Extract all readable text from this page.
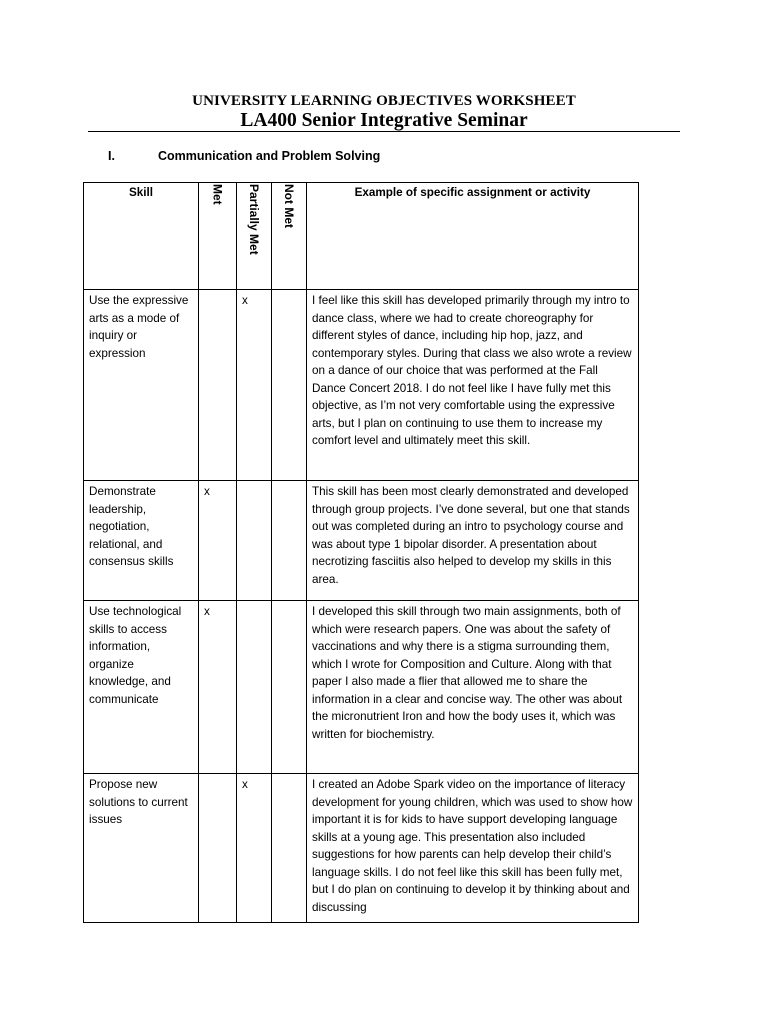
UNIVERSITY LEARNING OBJECTIVES WORKSHEET
LA400 Senior Integrative Seminar
I.	Communication and Problem Solving
Skill	Met	Partially Met	Not Met	Example of specific assignment or activity
Use the expressive arts as a mode of inquiry or expression		x		I feel like this skill has developed primarily through my intro to dance class, where we had to create choreography for different styles of dance, including hip hop, jazz, and contemporary styles. During that class we also wrote a review on a dance of our choice that was performed at the Fall Dance Concert 2018. I do not feel like I have fully met this objective, as I’m not very comfortable using the expressive arts, but I plan on continuing to use them to increase my comfort level and ultimately meet this skill.
Demonstrate leadership, negotiation, relational, and consensus skills	x			This skill has been most clearly demonstrated and developed through group projects. I’ve done several, but one that stands out was completed during an intro to psychology course and was about type 1 bipolar disorder. A presentation about necrotizing fasciitis also helped to develop my skills in this area.
Use technological skills to access information, organize knowledge, and communicate	x			I developed this skill through two main assignments, both of which were research papers. One was about the safety of vaccinations and why there is a stigma surrounding them, which I wrote for Composition and Culture. Along with that paper I also made a flier that allowed me to share the information in a clear and concise way. The other was about the micronutrient Iron and how the body uses it, which was written for biochemistry.
Propose new solutions to current issues		x		I created an Adobe Spark video on the importance of literacy development for young children, which was used to show how important it is for kids to have support developing language skills at a young age. This presentation also included suggestions for how parents can help develop their child’s language skills. I do not feel like this skill has been fully met, but I do plan on continuing to develop it by thinking about and discussing
